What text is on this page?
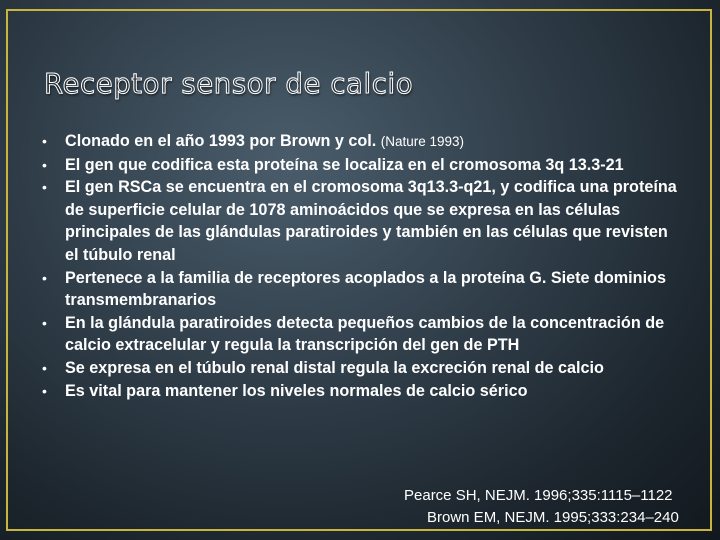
Receptor sensor de calcio
• Clonado en el año 1993 por Brown y col. (Nature 1993)
• El gen que codifica esta proteína se localiza en el cromosoma 3q 13.3-21
• El gen RSCa se encuentra en el cromosoma 3q13.3-q21, y codifica una proteína de superficie celular de 1078 aminoácidos que se expresa en las células principales de las glándulas paratiroides y también en las células que revisten el túbulo renal
• Pertenece a la familia de receptores acoplados a la proteína G. Siete dominios transmembranarios
• En la glándula paratiroides detecta pequeños cambios de la concentración de calcio extracelular y regula la transcripción del gen de PTH
• Se expresa en el túbulo renal distal regula la excreción renal de calcio
• Es vital para mantener los niveles normales de calcio sérico
Pearce SH, NEJM. 1996;335:1115–1122
Brown EM, NEJM. 1995;333:234–240
